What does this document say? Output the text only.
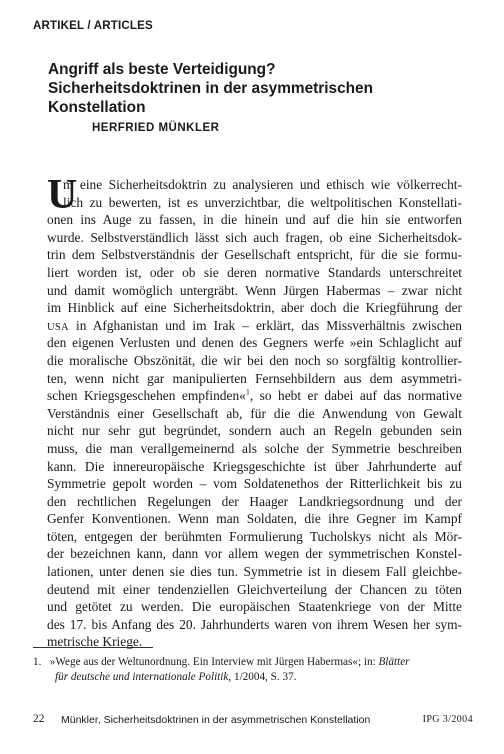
ARTIKEL / ARTICLES
Angriff als beste Verteidigung?
Sicherheitsdoktrinen in der asymmetrischen
Konstellation
HERFRIED MÜNKLER
U
m eine Sicherheitsdoktrin zu analysieren und ethisch wie völkerrecht-
lich zu bewerten, ist es unverzichtbar, die weltpolitischen Konstellati-
onen ins Auge zu fassen, in die hinein und auf die hin sie entworfen
wurde. Selbstverständlich lässt sich auch fragen, ob eine Sicherheitsdok-
trin dem Selbstverständnis der Gesellschaft entspricht, für die sie formu-
liert worden ist, oder ob sie deren normative Standards unterschreitet
und damit womöglich untergräbt. Wenn Jürgen Habermas – zwar nicht
im Hinblick auf eine Sicherheitsdoktrin, aber doch die Kriegführung der
USA in Afghanistan und im Irak – erklärt, das Missverhältnis zwischen
den eigenen Verlusten und denen des Gegners werfe »ein Schlaglicht auf
die moralische Obszönität, die wir bei den noch so sorgfältig kontrollier-
ten, wenn nicht gar manipulierten Fernsehbildern aus dem asymmetri-
schen Kriegsgeschehen empfinden«$^1$, so hebt er dabei auf das normative
Verständnis einer Gesellschaft ab, für die die Anwendung von Gewalt
nicht nur sehr gut begründet, sondern auch an Regeln gebunden sein
muss, die man verallgemeinernd als solche der Symmetrie beschreiben
kann. Die innereuropäische Kriegsgeschichte ist über Jahrhunderte auf
Symmetrie gepolt worden – vom Soldatenethos der Ritterlichkeit bis zu
den rechtlichen Regelungen der Haager Landkriegsordnung und der
Genfer Konventionen. Wenn man Soldaten, die ihre Gegner im Kampf
töten, entgegen der berühmten Formulierung Tucholskys nicht als Mör-
der bezeichnen kann, dann vor allem wegen der symmetrischen Konstel-
lationen, unter denen sie dies tun. Symmetrie ist in diesem Fall gleichbe-
deutend mit einer tendenziellen Gleichverteilung der Chancen zu töten
und getötet zu werden. Die europäischen Staatenkriege von der Mitte
des 17. bis Anfang des 20. Jahrhunderts waren von ihrem Wesen her sym-
metrische Kriege.
1. »Wege aus der Weltunordnung. Ein Interview mit Jürgen Habermas«; in: Blätter
für deutsche und internationale Politik, 1/2004, S. 37.
22 Münkler, Sicherheitsdoktrinen in der asymmetrischen Konstellation	IPG 3/2004
